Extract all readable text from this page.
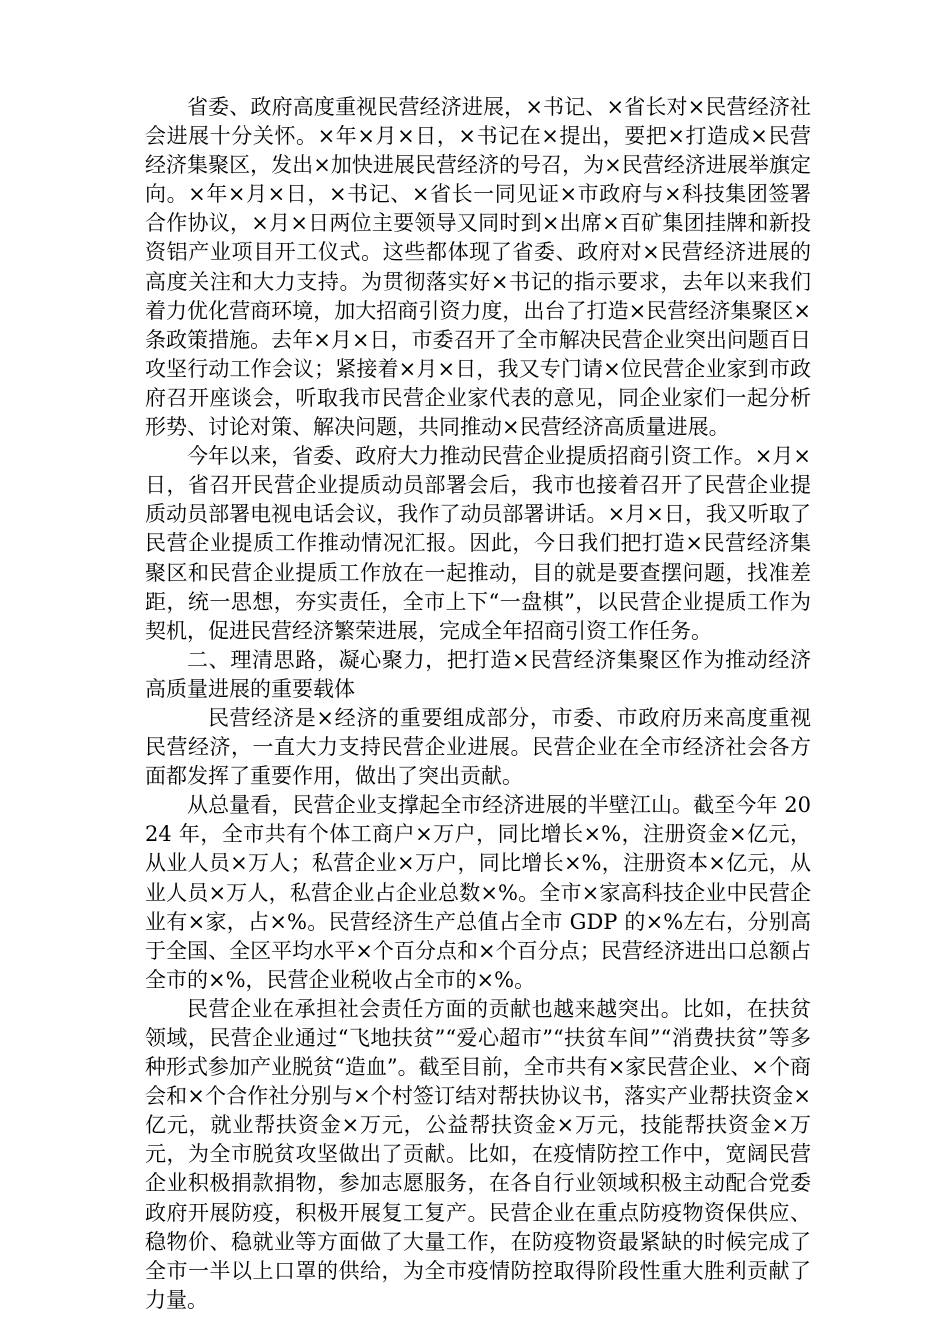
省委、政府高度重视民营经济进展，×书记、×省长对×民营经济社会进展十分关怀。×年×月×日，×书记在×提出，要把×打造成×民营经济集聚区，发出×加快进展民营经济的号召，为×民营经济进展举旗定向。×年×月×日，×书记、×省长一同见证×市政府与×科技集团签署合作协议，×月×日两位主要领导又同时到×出席×百矿集团挂牌和新投资铝产业项目开工仪式。这些都体现了省委、政府对×民营经济进展的高度关注和大力支持。为贯彻落实好×书记的指示要求，去年以来我们着力优化营商环境，加大招商引资力度，出台了打造×民营经济集聚区×条政策措施。去年×月×日，市委召开了全市解决民营企业突出问题百日攻坚行动工作会议；紧接着×月×日，我又专门请×位民营企业家到市政府召开座谈会，听取我市民营企业家代表的意见，同企业家们一起分析形势、讨论对策、解决问题，共同推动×民营经济高质量进展。

今年以来，省委、政府大力推动民营企业提质招商引资工作。×月×日，省召开民营企业提质动员部署会后，我市也接着召开了民营企业提质动员部署电视电话会议，我作了动员部署讲话。×月×日，我又听取了民营企业提质工作推动情况汇报。因此，今日我们把打造×民营经济集聚区和民营企业提质工作放在一起推动，目的就是要查摆问题，找准差距，统一思想，夯实责任，全市上下“一盘棋”，以民营企业提质工作为契机，促进民营经济繁荣进展，完成全年招商引资工作任务。

二、理清思路，凝心聚力，把打造×民营经济集聚区作为推动经济高质量进展的重要载体

民营经济是×经济的重要组成部分，市委、市政府历来高度重视民营经济，一直大力支持民营企业进展。民营企业在全市经济社会各方面都发挥了重要作用，做出了突出贡献。

从总量看，民营企业支撑起全市经济进展的半壁江山。截至今年 2024 年，全市共有个体工商户×万户，同比增长×%，注册资金×亿元，从业人员×万人；私营企业×万户，同比增长×%，注册资本×亿元，从业人员×万人，私营企业占企业总数×%。全市×家高科技企业中民营企业有×家，占×%。民营经济生产总值占全市 GDP 的×%左右，分别高于全国、全区平均水平×个百分点和×个百分点；民营经济进出口总额占全市的×%，民营企业税收占全市的×%。

民营企业在承担社会责任方面的贡献也越来越突出。比如，在扶贫领域，民营企业通过“飞地扶贫”“爱心超市”“扶贫车间”“消费扶贫”等多种形式参加产业脱贫“造血”。截至目前，全市共有×家民营企业、×个商会和×个合作社分别与×个村签订结对帮扶协议书，落实产业帮扶资金×亿元，就业帮扶资金×万元，公益帮扶资金×万元，技能帮扶资金×万元，为全市脱贫攻坚做出了贡献。比如，在疫情防控工作中，宽阔民营企业积极捐款捐物，参加志愿服务，在各自行业领域积极主动配合党委政府开展防疫，积极开展复工复产。民营企业在重点防疫物资保供应、稳物价、稳就业等方面做了大量工作，在防疫物资最紧缺的时候完成了全市一半以上口罩的供给，为全市疫情防控取得阶段性重大胜利贡献了力量。
